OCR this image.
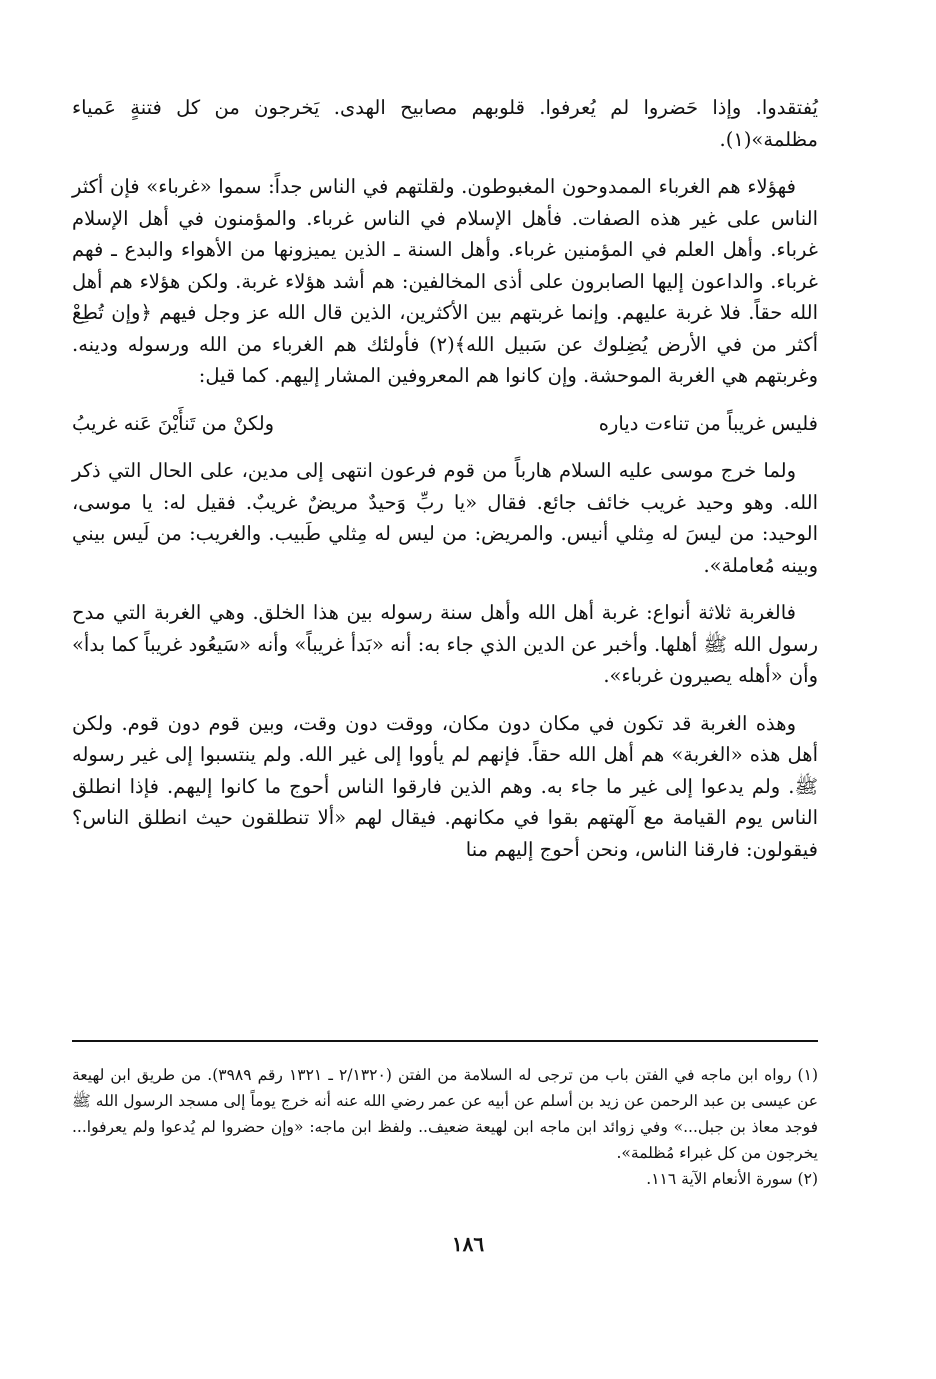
يُفتقدوا. وإذا حَضروا لم يُعرفوا. قلوبهم مصابيح الهدى. يَخرجون من كل فتنةٍ عَمياء مظلمة»(١).

فهؤلاء هم الغرباء الممدوحون المغبوطون. ولقلتهم في الناس جداً: سموا «غرباء» فإن أكثر الناس على غير هذه الصفات. فأهل الإسلام في الناس غرباء. والمؤمنون في أهل الإسلام غرباء. وأهل العلم في المؤمنين غرباء. وأهل السنة ـ الذين يميزونها من الأهواء والبدع ـ فهم غرباء. والداعون إليها الصابرون على أذى المخالفين: هم أشد هؤلاء غربة. ولكن هؤلاء هم أهل الله حقاً. فلا غربة عليهم. وإنما غربتهم بين الأكثرين، الذين قال الله عز وجل فيهم ﴿وإن تُطِعْ أكثر من في الأرض يُضِلوك عن سَبيل الله﴾(٢) فأولئك هم الغرباء من الله ورسوله ودينه. وغربتهم هي الغربة الموحشة. وإن كانوا هم المعروفين المشار إليهم. كما قيل:

فليس غريباً من تناءت دياره
ولكنْ من تَنأَيْنَ عَنه غريبُ

ولما خرج موسى عليه السلام هارباً من قوم فرعون انتهى إلى مدين، على الحال التي ذكر الله. وهو وحيد غريب خائف جائع. فقال «يا ربِّ وَحيدٌ مريضٌ غريبٌ. فقيل له: يا موسى، الوحيد: من ليسَ له مِثلي أنيس. والمريض: من ليس له مِثلي طَبيب. والغريب: من لَيس بيني وبينه مُعاملة».

فالغربة ثلاثة أنواع: غربة أهل الله وأهل سنة رسوله بين هذا الخلق. وهي الغربة التي مدح رسول الله ﷺ أهلها. وأخبر عن الدين الذي جاء به: أنه «بَدأ غريباً» وأنه «سَيعُود غريباً كما بدأ» وأن «أهله يصيرون غرباء».

وهذه الغربة قد تكون في مكان دون مكان، ووقت دون وقت، وبين قوم دون قوم. ولكن أهل هذه «الغربة» هم أهل الله حقاً. فإنهم لم يأووا إلى غير الله. ولم ينتسبوا إلى غير رسوله ﷺ. ولم يدعوا إلى غير ما جاء به. وهم الذين فارقوا الناس أحوج ما كانوا إليهم. فإذا انطلق الناس يوم القيامة مع آلهتهم بقوا في مكانهم. فيقال لهم «ألا تنطلقون حيث انطلق الناس؟ فيقولون: فارقنا الناس، ونحن أحوج إليهم منا

(١) رواه ابن ماجه في الفتن باب من ترجى له السلامة من الفتن (٢/١٣٢٠ ـ ١٣٢١ رقم ٣٩٨٩). من طريق ابن لهيعة عن عيسى بن عبد الرحمن عن زيد بن أسلم عن أبيه عن عمر رضي الله عنه أنه خرج يوماً إلى مسجد الرسول الله ﷺ فوجد معاذ بن جبل...» وفي زوائد ابن ماجه ابن لهيعة ضعيف.. ولفظ ابن ماجه: «وإن حضروا لم يُدعوا ولم يعرفوا... يخرجون من كل غبراء مُظلمة».

(٢) سورة الأنعام الآية ١١٦.

١٨٦
